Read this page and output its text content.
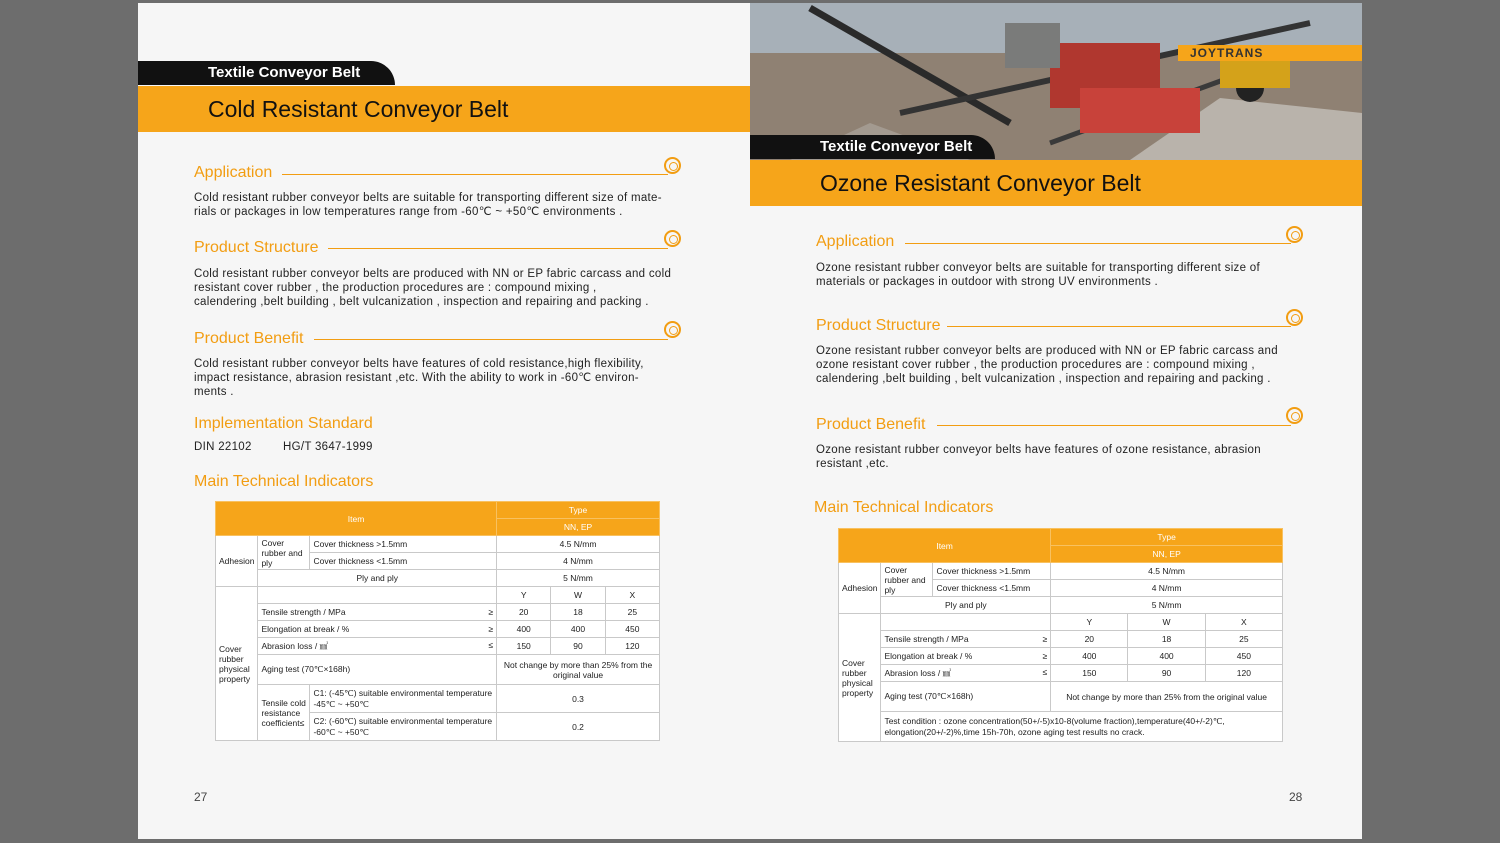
Textile Conveyor Belt
Cold Resistant Conveyor Belt
Application
Cold resistant rubber conveyor belts are suitable for transporting different size of mate-
rials or packages in low temperatures range from -60℃ ~ +50℃ environments .
Product Structure
Cold resistant rubber conveyor belts are produced with NN or EP fabric carcass and cold
resistant cover rubber , the production procedures are : compound mixing ,
calendering ,belt building , belt vulcanization , inspection and repairing and packing .
Product Benefit
Cold resistant rubber conveyor belts have features of cold resistance,high flexibility,
impact resistance, abrasion resistant ,etc. With the ability to work in -60℃ environ-
ments .
Implementation Standard
DIN 22102	HG/T 3647-1999
Main Technical Indicators
Item			Type		
			NN, EP		
Adhesion	Cover rubber and ply	Cover thickness >1.5mm	4.5 N/mm		
		Cover thickness <1.5mm	4 N/mm		
	Ply and ply		5 N/mm		
Cover rubber physical property			Y	W	X
	Tensile strength / MPa ≥		20	18	25
	Elongation at break / % ≥		400	400	450
	Abrasion loss / ㎣ ≤		150	90	120
	Aging test (70℃×168h)		Not change by more than 25% from the original value		
	Tensile cold resistance coefficient≤	C1: (-45℃) suitable environmental temperature -45℃ ~ +50℃	0.3		
		C2: (-60℃) suitable environmental temperature -60℃ ~ +50℃	0.2		
27
JOYTRANS
Textile Conveyor Belt
Ozone Resistant Conveyor Belt
Application
Ozone resistant rubber conveyor belts are suitable for transporting different size of
materials or packages in outdoor with strong UV environments .
Product Structure
Ozone resistant rubber conveyor belts are produced with NN or EP fabric carcass and
ozone resistant cover rubber , the production procedures are : compound mixing ,
calendering ,belt building , belt vulcanization , inspection and repairing and packing .
Product Benefit
Ozone resistant rubber conveyor belts have features of ozone resistance, abrasion
resistant ,etc.
Main Technical Indicators
Item			Type		
			NN, EP		
Adhesion	Cover rubber and ply	Cover thickness >1.5mm	4.5 N/mm		
		Cover thickness <1.5mm	4 N/mm		
	Ply and ply		5 N/mm		
Cover rubber physical property			Y	W	X
	Tensile strength / MPa ≥		20	18	25
	Elongation at break / % ≥		400	400	450
	Abrasion loss / ㎣ ≤		150	90	120
	Aging test (70℃×168h)		Not change by more than 25% from the original value		
	Test condition : ozone concentration(50+/-5)x10-8(volume fraction),temperature(40+/-2)℃, elongation(20+/-2)%,time 15h-70h, ozone aging test results no crack.				
28
